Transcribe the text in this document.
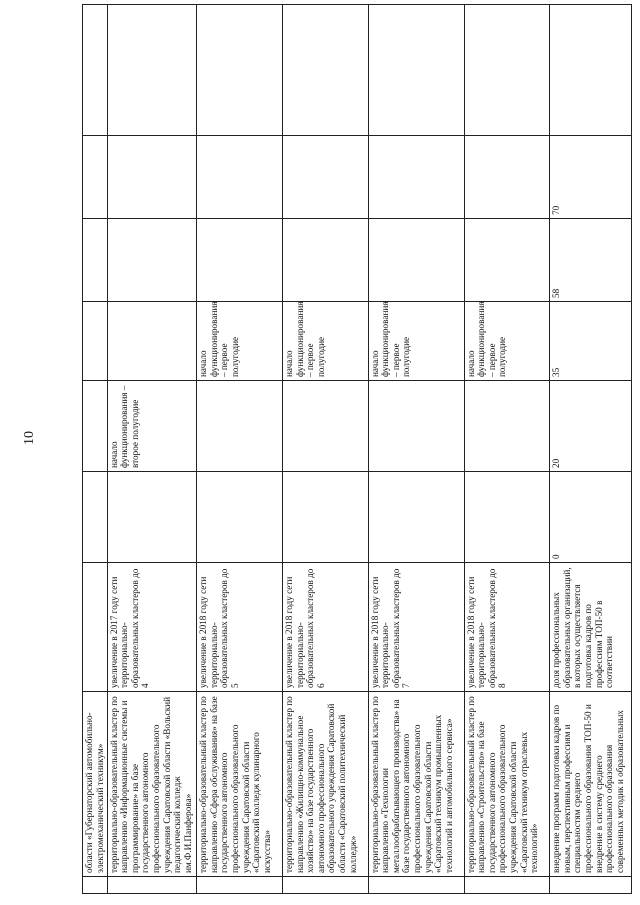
10

	области «Губернаторский автомобильно-электромеханический техникум»							

	территориально-образовательный кластер по направлению «Информационные системы и программирование» на базе государственного автономного профессионального образовательного учреждения Саратовской области «Вольский педагогический колледж им.Ф.И.Панферова»	увеличение в 2017 году сети территориально-образовательных кластеров до 4		начало функционирования – второе полугодие				

	территориально-образовательный кластер по направлению «Сфера обслуживания» на базе государственного автономного профессионального образовательного учреждения Саратовской области «Саратовский колледж кулинарного искусства»	увеличение в 2018 году сети территориально-образовательных кластеров до 5			начало функционирования – первое полугодие			

	территориально-образовательный кластер по направлению «Жилищно-коммунальное хозяйство» на базе государственного автономного профессионального образовательного учреждения Саратовской области «Саратовский политехнический колледж»	увеличение в 2018 году сети территориально-образовательных кластеров до 6			начало функционирования – первое полугодие			

	территориально-образовательный кластер по направлению «Технологии металлообрабатывающего производства» на базе государственного автономного профессионального образовательного учреждения Саратовской области «Саратовский техникум промышленных технологий и автомобильного сервиса»	увеличение в 2018 году сети территориально-образовательных кластеров до 7			начало функционирования – первое полугодие			

	территориально-образовательный кластер по направлению «Строительство» на базе государственного автономного профессионального образовательного учреждения Саратовской области «Саратовский техникум отраслевых технологий»	увеличение в 2018 году сети территориально-образовательных кластеров до 8			начало функционирования – первое полугодие			

	внедрение программ подготовки кадров по новым, перспективным профессиям и специальностям среднего профессионального образования ТОП-50 и внедрение в систему среднего профессионального образования современных методик и образовательных	доля профессиональных образовательных организаций, в которых осуществляется подготовка кадров по профессиям ТОП-50 в соответствии	0	20	35	58	70	
